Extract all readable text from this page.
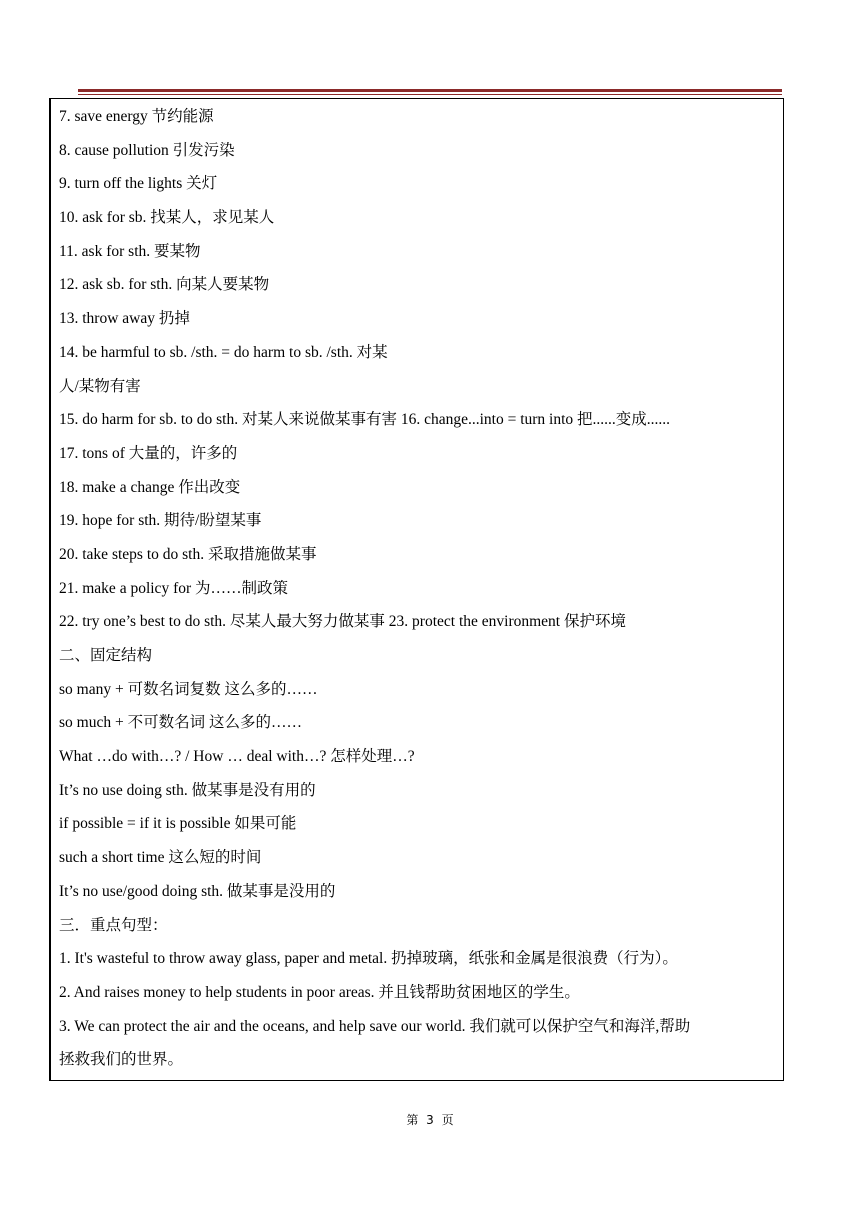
7. save energy 节约能源
8. cause pollution 引发污染
9. turn off the lights 关灯
10. ask for sb. 找某人，求见某人
11. ask for sth. 要某物
12. ask sb. for sth. 向某人要某物
13. throw away 扔掉
14. be harmful to sb. /sth. = do harm to sb. /sth. 对某
人/某物有害
15. do harm for sb. to do sth. 对某人来说做某事有害 16. change...into = turn into 把......变成......
17. tons of 大量的，许多的
18. make a change 作出改变
19. hope for sth. 期待/盼望某事
20. take steps to do sth. 采取措施做某事
21. make a policy for 为……制政策
22. try one’s best to do sth. 尽某人最大努力做某事 23. protect the environment 保护环境
二、固定结构
so many + 可数名词复数 这么多的……
so much + 不可数名词 这么多的……
What …do with…? / How … deal with…? 怎样处理…?
It’s no use doing sth. 做某事是没有用的
if possible = if it is possible 如果可能
such a short time 这么短的时间
It’s no use/good doing sth. 做某事是没用的
三．重点句型：
1. It's wasteful to throw away glass, paper and metal. 扔掉玻璃，纸张和金属是很浪费（行为）。
2. And raises money to help students in poor areas. 并且钱帮助贫困地区的学生。
3. We can protect the air and the oceans, and help save our world. 我们就可以保护空气和海洋,帮助
拯救我们的世界。
第 3 页
